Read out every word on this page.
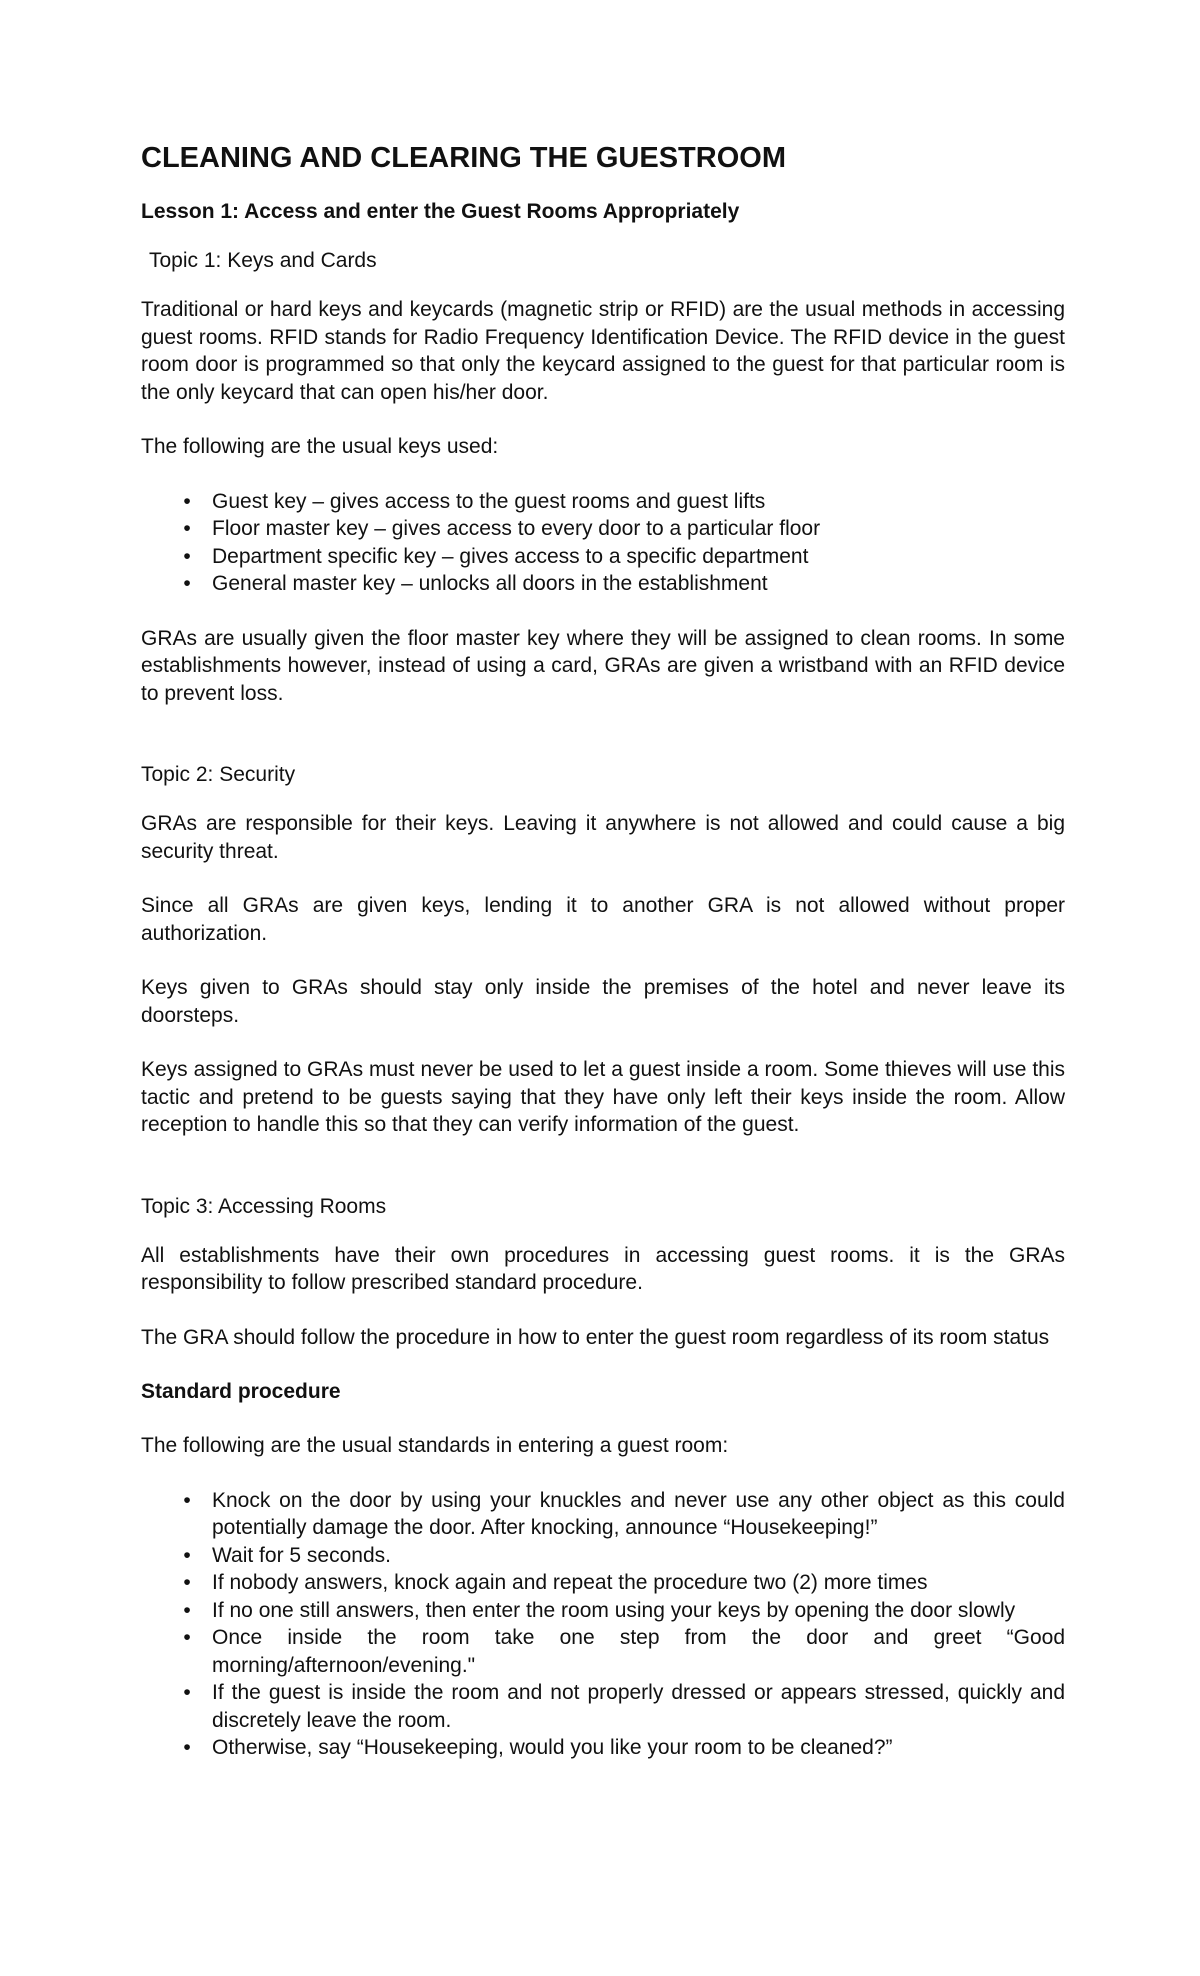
CLEANING AND CLEARING THE GUESTROOM
Lesson 1: Access and enter the Guest Rooms Appropriately
Topic 1: Keys and Cards

Traditional or hard keys and keycards (magnetic strip or RFID) are the usual methods in accessing guest rooms. RFID stands for Radio Frequency Identification Device. The RFID device in the guest room door is programmed so that only the keycard assigned to the guest for that particular room is the only keycard that can open his/her door.

The following are the usual keys used:

•	Guest key – gives access to the guest rooms and guest lifts
•	Floor master key – gives access to every door to a particular floor
•	Department specific key – gives access to a specific department
•	General master key – unlocks all doors in the establishment

GRAs are usually given the floor master key where they will be assigned to clean rooms. In some establishments however, instead of using a card, GRAs are given a wristband with an RFID device to prevent loss.

Topic 2: Security

GRAs are responsible for their keys. Leaving it anywhere is not allowed and could cause a big security threat.

Since all GRAs are given keys, lending it to another GRA is not allowed without proper authorization.

Keys given to GRAs should stay only inside the premises of the hotel and never leave its doorsteps.

Keys assigned to GRAs must never be used to let a guest inside a room. Some thieves will use this tactic and pretend to be guests saying that they have only left their keys inside the room. Allow reception to handle this so that they can verify information of the guest.

Topic 3: Accessing Rooms

All establishments have their own procedures in accessing guest rooms. it is the GRAs responsibility to follow prescribed standard procedure.

The GRA should follow the procedure in how to enter the guest room regardless of its room status

Standard procedure

The following are the usual standards in entering a guest room:

•	Knock on the door by using your knuckles and never use any other object as this could potentially damage the door. After knocking, announce “Housekeeping!”
•	Wait for 5 seconds.
•	If nobody answers, knock again and repeat the procedure two (2) more times
•	If no one still answers, then enter the room using your keys by opening the door slowly
•	Once inside the room take one step from the door and greet “Good morning/afternoon/evening."
•	If the guest is inside the room and not properly dressed or appears stressed, quickly and discretely leave the room.
•	Otherwise, say “Housekeeping, would you like your room to be cleaned?”
